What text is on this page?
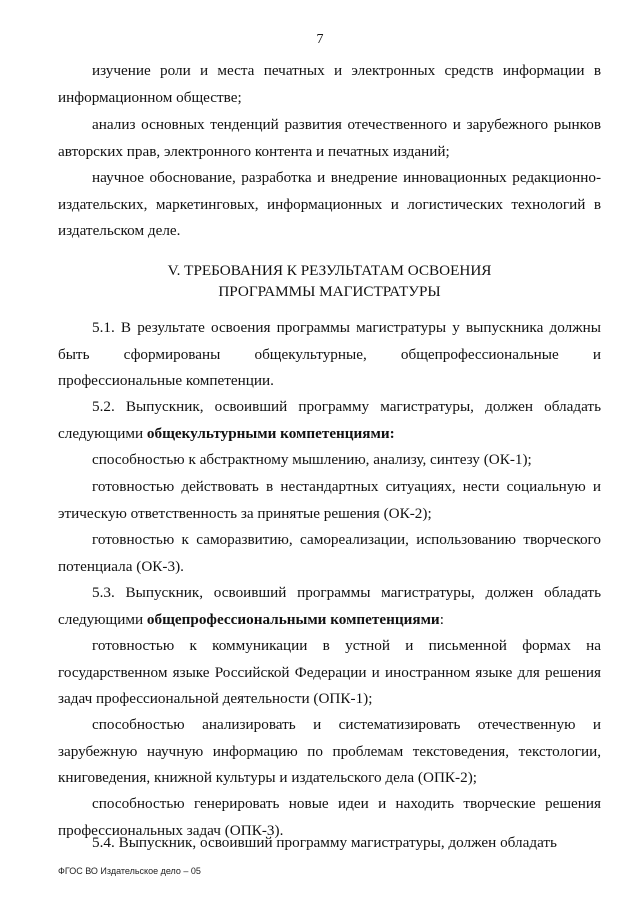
7

изучение роли и места печатных и электронных средств информации в информационном обществе;

анализ основных тенденций развития отечественного и зарубежного рынков авторских прав, электронного контента и печатных изданий;

научное обоснование, разработка и внедрение инновационных редакционно-издательских, маркетинговых, информационных и логистических технологий в издательском деле.

V. ТРЕБОВАНИЯ К РЕЗУЛЬТАТАМ ОСВОЕНИЯ
ПРОГРАММЫ МАГИСТРАТУРЫ

5.1. В результате освоения программы магистратуры у выпускника должны быть сформированы общекультурные, общепрофессиональные и профессиональные компетенции.

5.2. Выпускник, освоивший программу магистратуры, должен обладать следующими общекультурными компетенциями:

способностью к абстрактному мышлению, анализу, синтезу (ОК-1);

готовностью действовать в нестандартных ситуациях, нести социальную и этическую ответственность за принятые решения (ОК-2);

готовностью к саморазвитию, самореализации, использованию творческого потенциала (ОК-3).

5.3. Выпускник, освоивший программы магистратуры, должен обладать следующими общепрофессиональными компетенциями:

готовностью к коммуникации в устной и письменной формах на государственном языке Российской Федерации и иностранном языке для решения задач профессиональной деятельности (ОПК-1);

способностью анализировать и систематизировать отечественную и зарубежную научную информацию по проблемам текстоведения, текстологии, книговедения, книжной культуры и издательского дела (ОПК-2);

способностью генерировать новые идеи и находить творческие решения профессиональных задач (ОПК-3).

5.4. Выпускник, освоивший программу магистратуры, должен обладать

ФГОС ВО Издательское дело – 05
